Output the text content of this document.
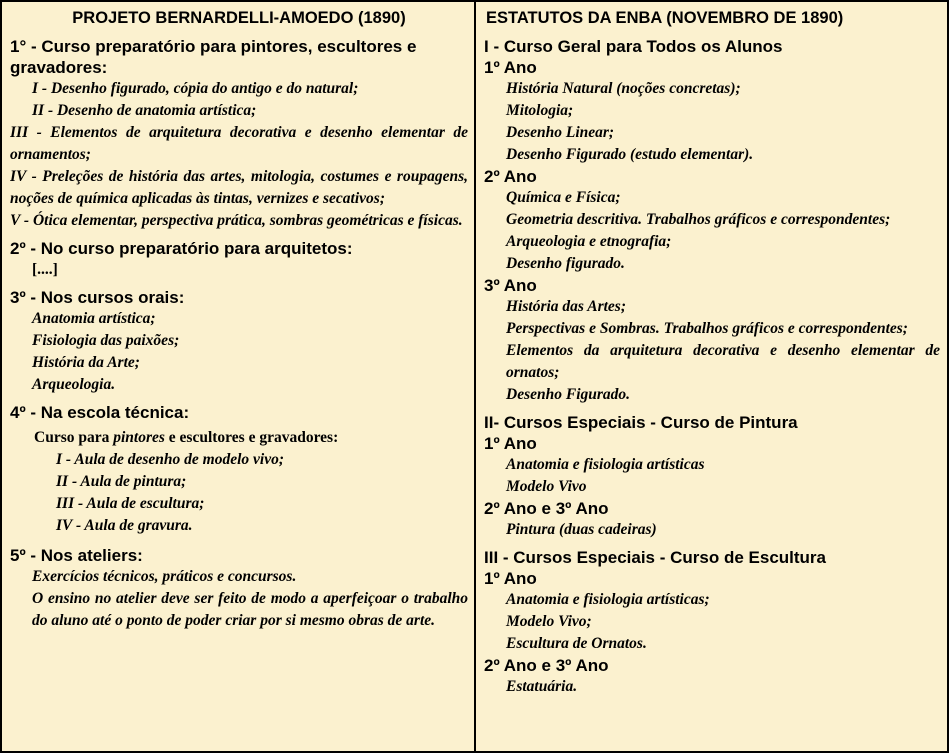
PROJETO BERNARDELLI-AMOEDO (1890)
1° - Curso preparatório para pintores, escultores e gravadores:
I - Desenho figurado, cópia do antigo e do natural;
II - Desenho de anatomia artística;
III - Elementos de arquitetura decorativa e desenho elementar de ornamentos;
IV - Preleções de história das artes, mitologia, costumes e roupagens, noções de química aplicadas às tintas, vernizes e secativos;
V - Ótica elementar, perspectiva prática, sombras geométricas e físicas.
2º - No curso preparatório para arquitetos:
[....]
3º - Nos cursos orais:
Anatomia artística;
Fisiologia das paixões;
História da Arte;
Arqueologia.
4º - Na escola técnica:
Curso para pintores e escultores e gravadores:
I - Aula de desenho de modelo vivo;
II - Aula de pintura;
III - Aula de escultura;
IV - Aula de gravura.
5º - Nos ateliers:
Exercícios técnicos, práticos e concursos.
O ensino no atelier deve ser feito de modo a aperfeiçoar o trabalho do aluno até o ponto de poder criar por si mesmo obras de arte.
ESTATUTOS DA ENBA (NOVEMBRO DE 1890)
I - Curso Geral para Todos os Alunos
1º Ano
História Natural (noções concretas);
Mitologia;
Desenho Linear;
Desenho Figurado (estudo elementar).
2º Ano
Química e Física;
Geometria descritiva. Trabalhos gráficos e correspondentes;
Arqueologia e etnografia;
Desenho figurado.
3º Ano
História das Artes;
Perspectivas e Sombras. Trabalhos gráficos e correspondentes;
Elementos da arquitetura decorativa e desenho elementar de ornatos;
Desenho Figurado.
II- Cursos Especiais - Curso de Pintura
1º Ano
Anatomia e fisiologia artísticas
Modelo Vivo
2º Ano e 3º Ano
Pintura (duas cadeiras)
III - Cursos Especiais - Curso de Escultura
1º Ano
Anatomia e fisiologia artísticas;
Modelo Vivo;
Escultura de Ornatos.
2º Ano e 3º Ano
Estatuária.
